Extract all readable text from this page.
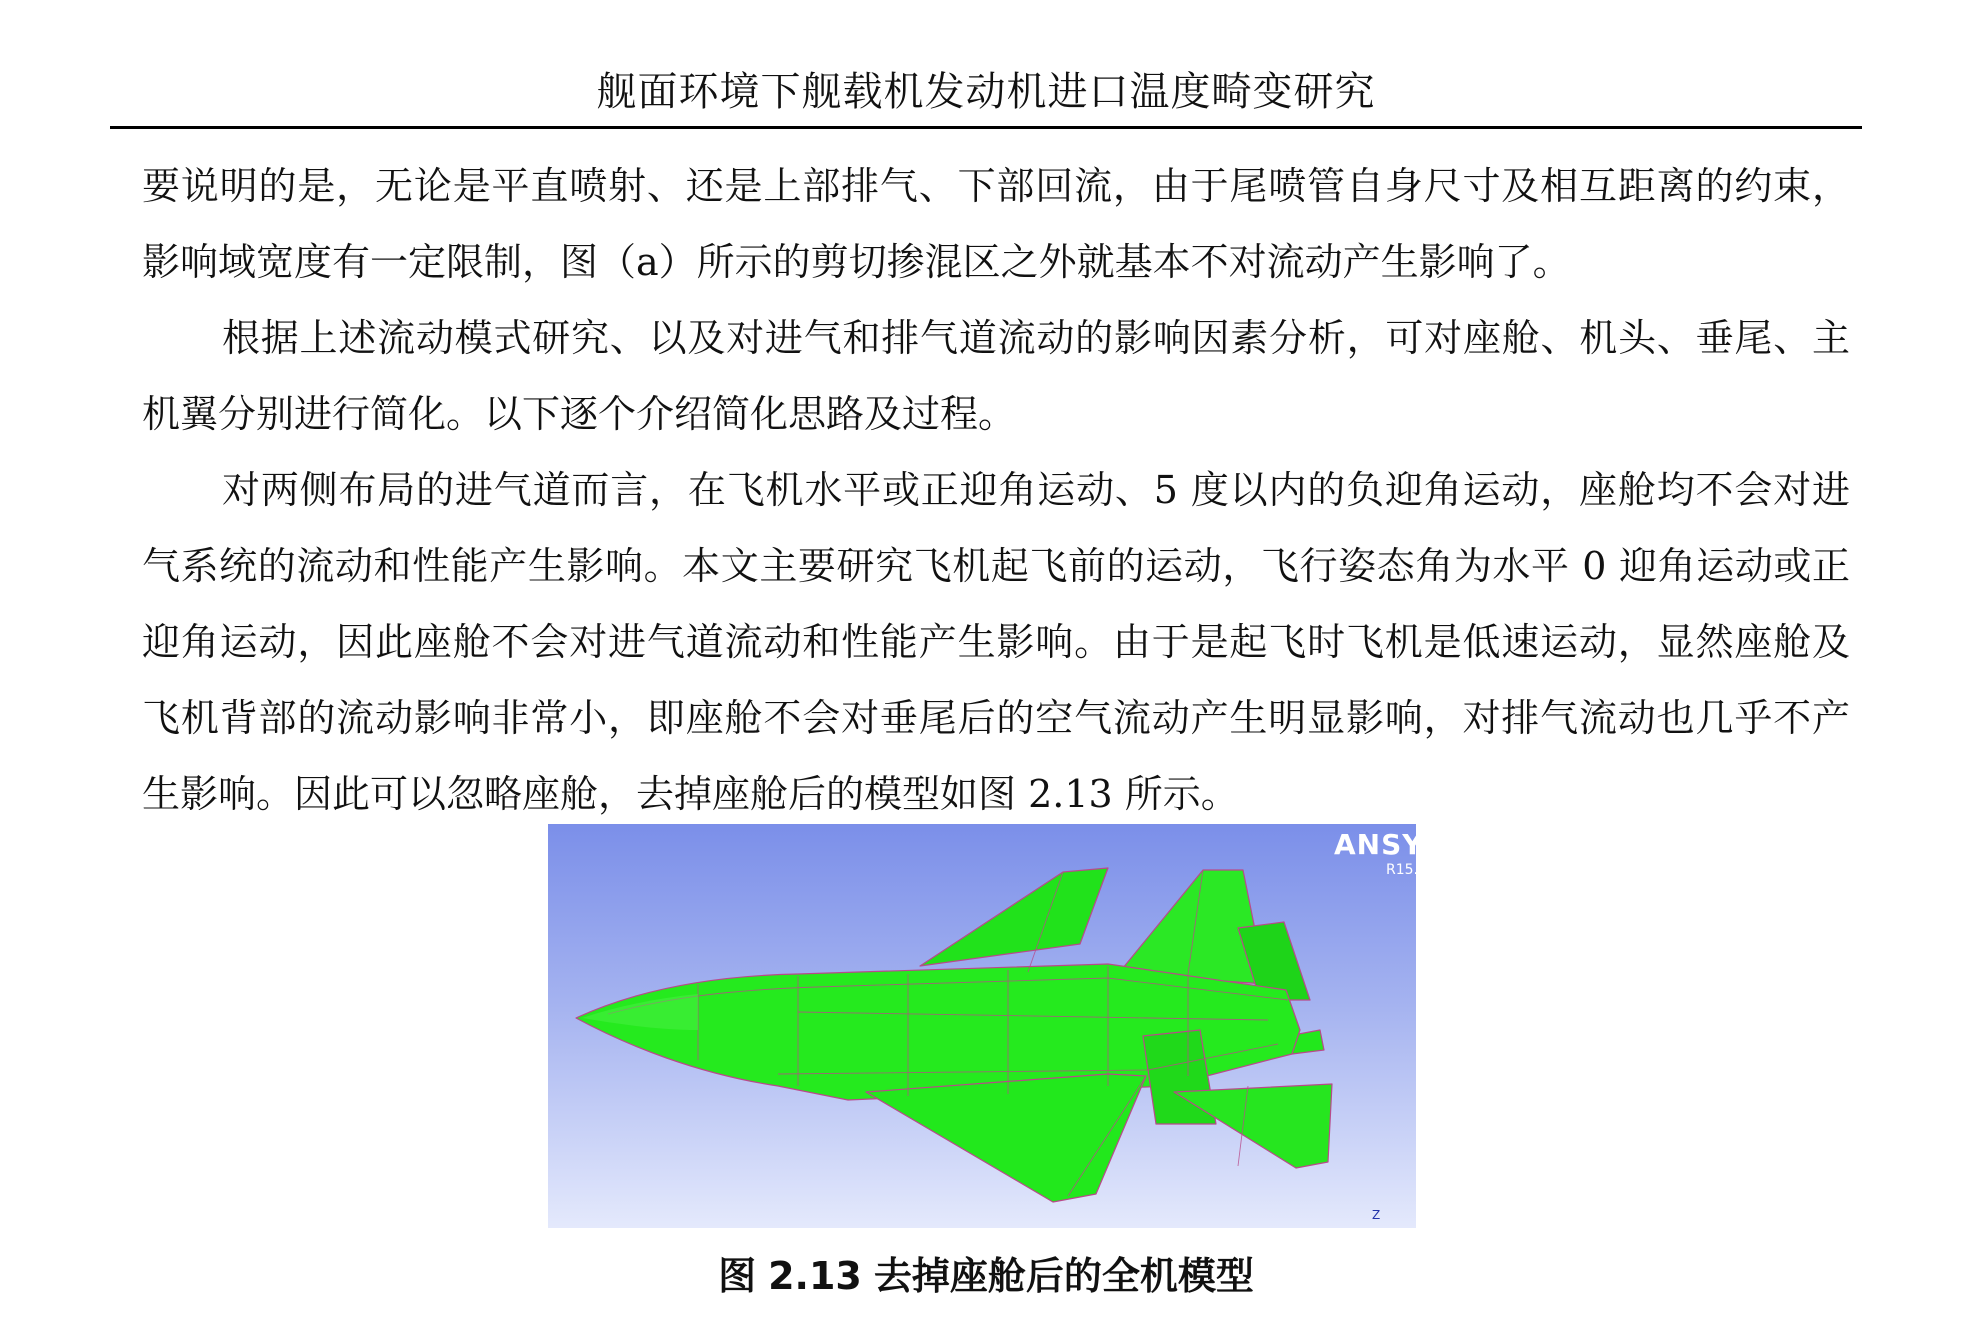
舰面环境下舰载机发动机进口温度畸变研究

要说明的是，无论是平直喷射、还是上部排气、下部回流，由于尾喷管自身尺寸及相互距离的约束，影响域宽度有一定限制，图（a）所示的剪切掺混区之外就基本不对流动产生影响了。

根据上述流动模式研究、以及对进气和排气道流动的影响因素分析，可对座舱、机头、垂尾、主机翼分别进行简化。以下逐个介绍简化思路及过程。

对两侧布局的进气道而言，在飞机水平或正迎角运动、5 度以内的负迎角运动，座舱均不会对进气系统的流动和性能产生影响。本文主要研究飞机起飞前的运动，飞行姿态角为水平 0 迎角运动或正迎角运动，因此座舱不会对进气道流动和性能产生影响。由于是起飞时飞机是低速运动，显然座舱及飞机背部的流动影响非常小，即座舱不会对垂尾后的空气流动产生明显影响，对排气流动也几乎不产生影响。因此可以忽略座舱，去掉座舱后的模型如图 2.13 所示。

ANSYS
R15.0
Z
图 2.13 去掉座舱后的全机模型
